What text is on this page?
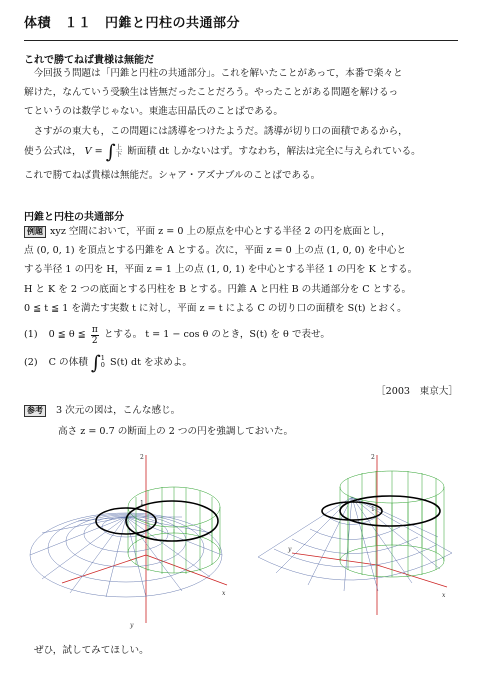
体積　１１　円錐と円柱の共通部分
これで勝てねば貴様は無能だ
　今回扱う問題は「円錐と円柱の共通部分」。これを解いたことがあって，本番で楽々と
解けた，なんていう受験生は皆無だったことだろう。やったことがある問題を解けるっ
てというのは数学じゃない。東進志田晶氏のことばである。
　さすがの東大も，この問題には誘導をつけたようだ。誘導が切り口の面積であるから，
使う公式は， V = ∫ 上
下 断面積 dt しかないはず。すなわち，解法は完全に与えられている。
これで勝てねば貴様は無能だ。シャア・アズナブルのことばである。
円錐と円柱の共通部分
例題 xyz 空間において，平面 z = 0 上の原点を中心とする半径 2 の円を底面とし，
点 (0, 0, 1) を頂点とする円錐を A とする。次に，平面 z = 0 上の点 (1, 0, 0) を中心と
する半径 1 の円を H，平面 z = 1 上の点 (1, 0, 1) を中心とする半径 1 の円を K とする。
H と K を 2 つの底面とする円柱を B とする。円錐 A と円柱 B の共通部分を C とする。
0 ≦ t ≦ 1 を満たす実数 t に対し，平面 z = t による C の切り口の面積を S(t) とおく。
(1) 0 ≦ θ ≦ $\frac{\pi}{2}$ とする。 t = 1 − cos θ のとき，S(t) を θ で表せ。
(2) C の体積 ∫ 1
0 S(t) dt を求めよ。
［2003　東京大］
参考 3 次元の図は，こんな感じ。
高さ z = 0.7 の断面上の 2 つの円を強調しておいた。
2
1
x
y
2
1
x
y
ぜひ，試してみてほしい。
